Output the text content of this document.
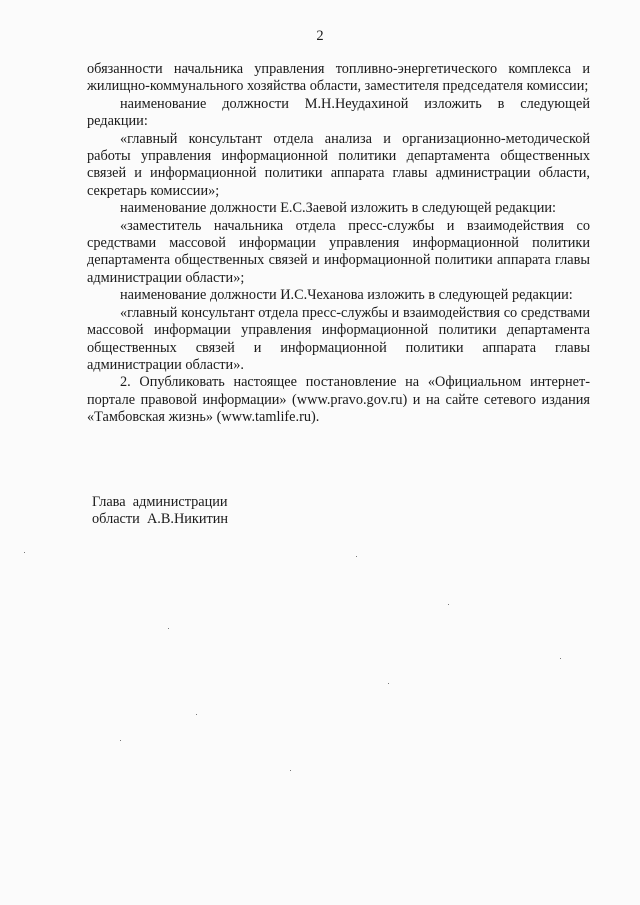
2

обязанности начальника управления топливно-энергетического комплекса и жилищно-коммунального хозяйства области, заместителя председателя комиссии;

наименование должности М.Н.Неудахиной изложить в следующей редакции:

«главный консультант отдела анализа и организационно-методической работы управления информационной политики департамента общественных связей и информационной политики аппарата главы администрации области, секретарь комиссии»;

наименование должности Е.С.Заевой изложить в следующей редакции:

«заместитель начальника отдела пресс-службы и взаимодействия со средствами массовой информации управления информационной политики департамента общественных связей и информационной политики аппарата главы администрации области»;

наименование должности И.С.Чеханова изложить в следующей редакции:

«главный консультант отдела пресс-службы и взаимодействия со средствами массовой информации управления информационной политики департамента общественных связей и информационной политики аппарата главы администрации области».

2. Опубликовать настоящее постановление на «Официальном интернет-портале правовой информации» (www.pravo.gov.ru) и на сайте сетевого издания «Тамбовская жизнь» (www.tamlife.ru).

Глава  администрации
области  А.В.Никитин
